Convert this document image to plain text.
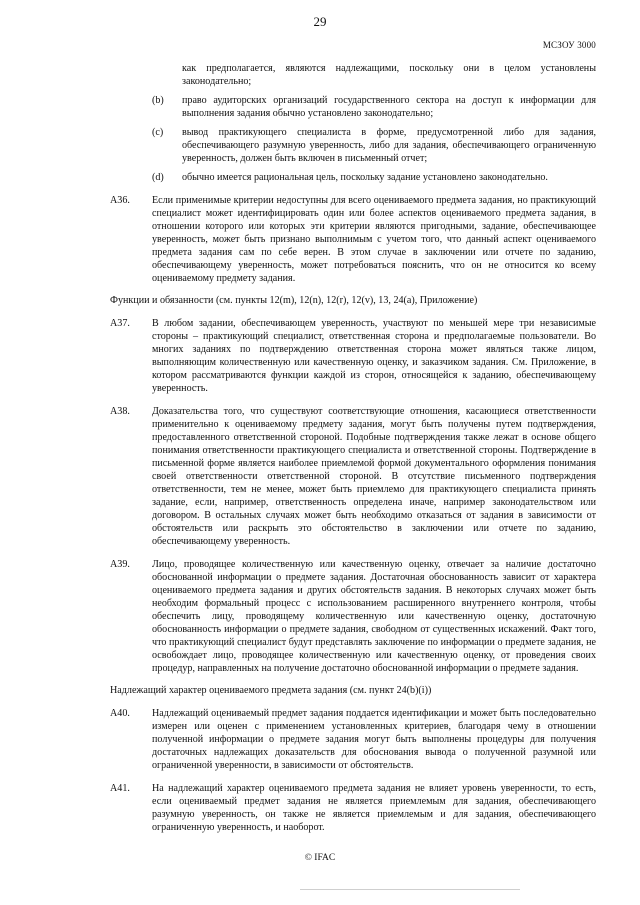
29
МСЗОУ 3000
как предполагается, являются надлежащими, поскольку они в целом установлены законодательно;
(b)	право аудиторских организаций государственного сектора на доступ к информации для выполнения задания обычно установлено законодательно;
(c)	вывод практикующего специалиста в форме, предусмотренной либо для задания, обеспечивающего разумную уверенность, либо для задания, обеспечивающего ограниченную уверенность, должен быть включен в письменный отчет;
(d)	обычно имеется рациональная цель, поскольку задание установлено законодательно.
A36.	Если применимые критерии недоступны для всего оцениваемого предмета задания, но практикующий специалист может идентифицировать один или более аспектов оцениваемого предмета задания, в отношении которого или которых эти критерии являются пригодными, задание, обеспечивающее уверенность, может быть признано выполнимым с учетом того, что данный аспект оцениваемого предмета задания сам по себе верен. В этом случае в заключении или отчете по заданию, обеспечивающему уверенность, может потребоваться пояснить, что он не относится ко всему оцениваемому предмету задания.
Функции и обязанности (см. пункты 12(m), 12(n), 12(r), 12(v), 13, 24(a), Приложение)
A37.	В любом задании, обеспечивающем уверенность, участвуют по меньшей мере три независимые стороны – практикующий специалист, ответственная сторона и предполагаемые пользователи. Во многих заданиях по подтверждению ответственная сторона может являться также лицом, выполняющим количественную или качественную оценку, и заказчиком задания. См. Приложение, в котором рассматриваются функции каждой из сторон, относящейся к заданию, обеспечивающему уверенность.
A38.	Доказательства того, что существуют соответствующие отношения, касающиеся ответственности применительно к оцениваемому предмету задания, могут быть получены путем подтверждения, предоставленного ответственной стороной. Подобные подтверждения также лежат в основе общего понимания ответственности практикующего специалиста и ответственной стороны. Подтверждение в письменной форме является наиболее приемлемой формой документального оформления понимания своей ответственности ответственной стороной. В отсутствие письменного подтверждения ответственности, тем не менее, может быть приемлемо для практикующего специалиста принять задание, если, например, ответственность определена иначе, например законодательством или договором. В остальных случаях может быть необходимо отказаться от задания в зависимости от обстоятельств или раскрыть это обстоятельство в заключении или отчете по заданию, обеспечивающему уверенность.
A39.	Лицо, проводящее количественную или качественную оценку, отвечает за наличие достаточно обоснованной информации о предмете задания. Достаточная обоснованность зависит от характера оцениваемого предмета задания и других обстоятельств задания. В некоторых случаях может быть необходим формальный процесс с использованием расширенного внутреннего контроля, чтобы обеспечить лицу, проводящему количественную или качественную оценку, достаточную обоснованность информации о предмете задания, свободном от существенных искажений. Факт того, что практикующий специалист будут представлять заключение по информации о предмете задания, не освобождает лицо, проводящее количественную или качественную оценку, от проведения своих процедур, направленных на получение достаточно обоснованной информации о предмете задания.
Надлежащий характер оцениваемого предмета задания (см. пункт 24(b)(i))
A40.	Надлежащий оцениваемый предмет задания поддается идентификации и может быть последовательно измерен или оценен с применением установленных критериев, благодаря чему в отношении полученной информации о предмете задания могут быть выполнены процедуры для получения достаточных надлежащих доказательств для обоснования вывода о полученной разумной или ограниченной уверенности, в зависимости от обстоятельств.
A41.	На надлежащий характер оцениваемого предмета задания не влияет уровень уверенности, то есть, если оцениваемый предмет задания не является приемлемым для задания, обеспечивающего разумную уверенность, он также не является приемлемым и для задания, обеспечивающего ограниченную уверенность, и наоборот.
© IFAC
